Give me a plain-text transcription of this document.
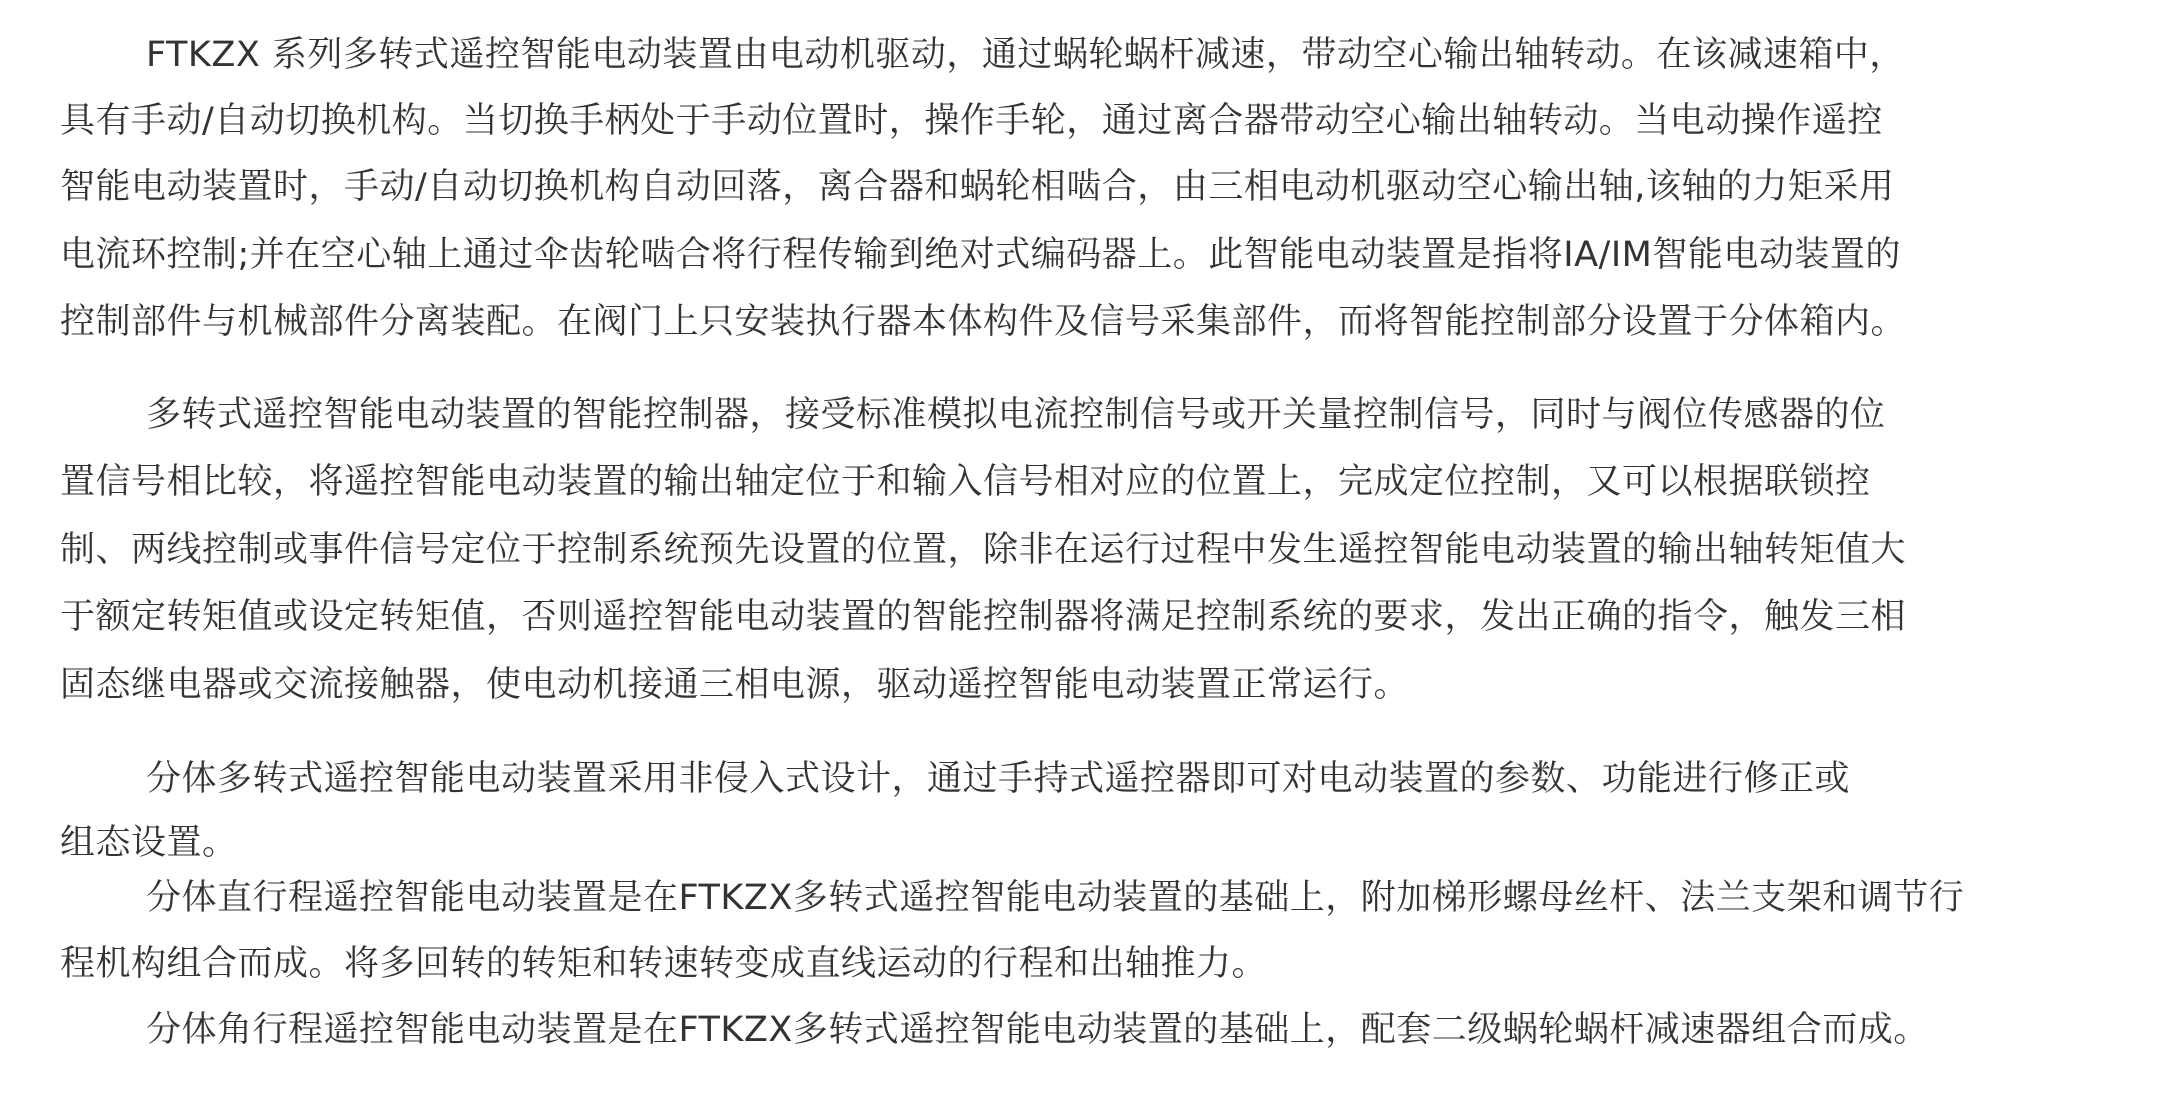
FTKZX 系列多转式遥控智能电动装置由电动机驱动，通过蜗轮蜗杆减速，带动空心输出轴转动。在该减速箱中，
具有手动/自动切换机构。当切换手柄处于手动位置时，操作手轮，通过离合器带动空心输出轴转动。当电动操作遥控
智能电动装置时，手动/自动切换机构自动回落，离合器和蜗轮相啮合，由三相电动机驱动空心输出轴,该轴的力矩采用
电流环控制;并在空心轴上通过伞齿轮啮合将行程传输到绝对式编码器上。此智能电动装置是指将IA/IM智能电动装置的
控制部件与机械部件分离装配。在阀门上只安装执行器本体构件及信号采集部件，而将智能控制部分设置于分体箱内。
多转式遥控智能电动装置的智能控制器，接受标准模拟电流控制信号或开关量控制信号，同时与阀位传感器的位
置信号相比较，将遥控智能电动装置的输出轴定位于和输入信号相对应的位置上，完成定位控制，又可以根据联锁控
制、两线控制或事件信号定位于控制系统预先设置的位置，除非在运行过程中发生遥控智能电动装置的输出轴转矩值大
于额定转矩值或设定转矩值，否则遥控智能电动装置的智能控制器将满足控制系统的要求，发出正确的指令，触发三相
固态继电器或交流接触器，使电动机接通三相电源，驱动遥控智能电动装置正常运行。
分体多转式遥控智能电动装置采用非侵入式设计，通过手持式遥控器即可对电动装置的参数、功能进行修正或
组态设置。
分体直行程遥控智能电动装置是在FTKZX多转式遥控智能电动装置的基础上，附加梯形螺母丝杆、法兰支架和调节行
程机构组合而成。将多回转的转矩和转速转变成直线运动的行程和出轴推力。
分体角行程遥控智能电动装置是在FTKZX多转式遥控智能电动装置的基础上，配套二级蜗轮蜗杆减速器组合而成。
